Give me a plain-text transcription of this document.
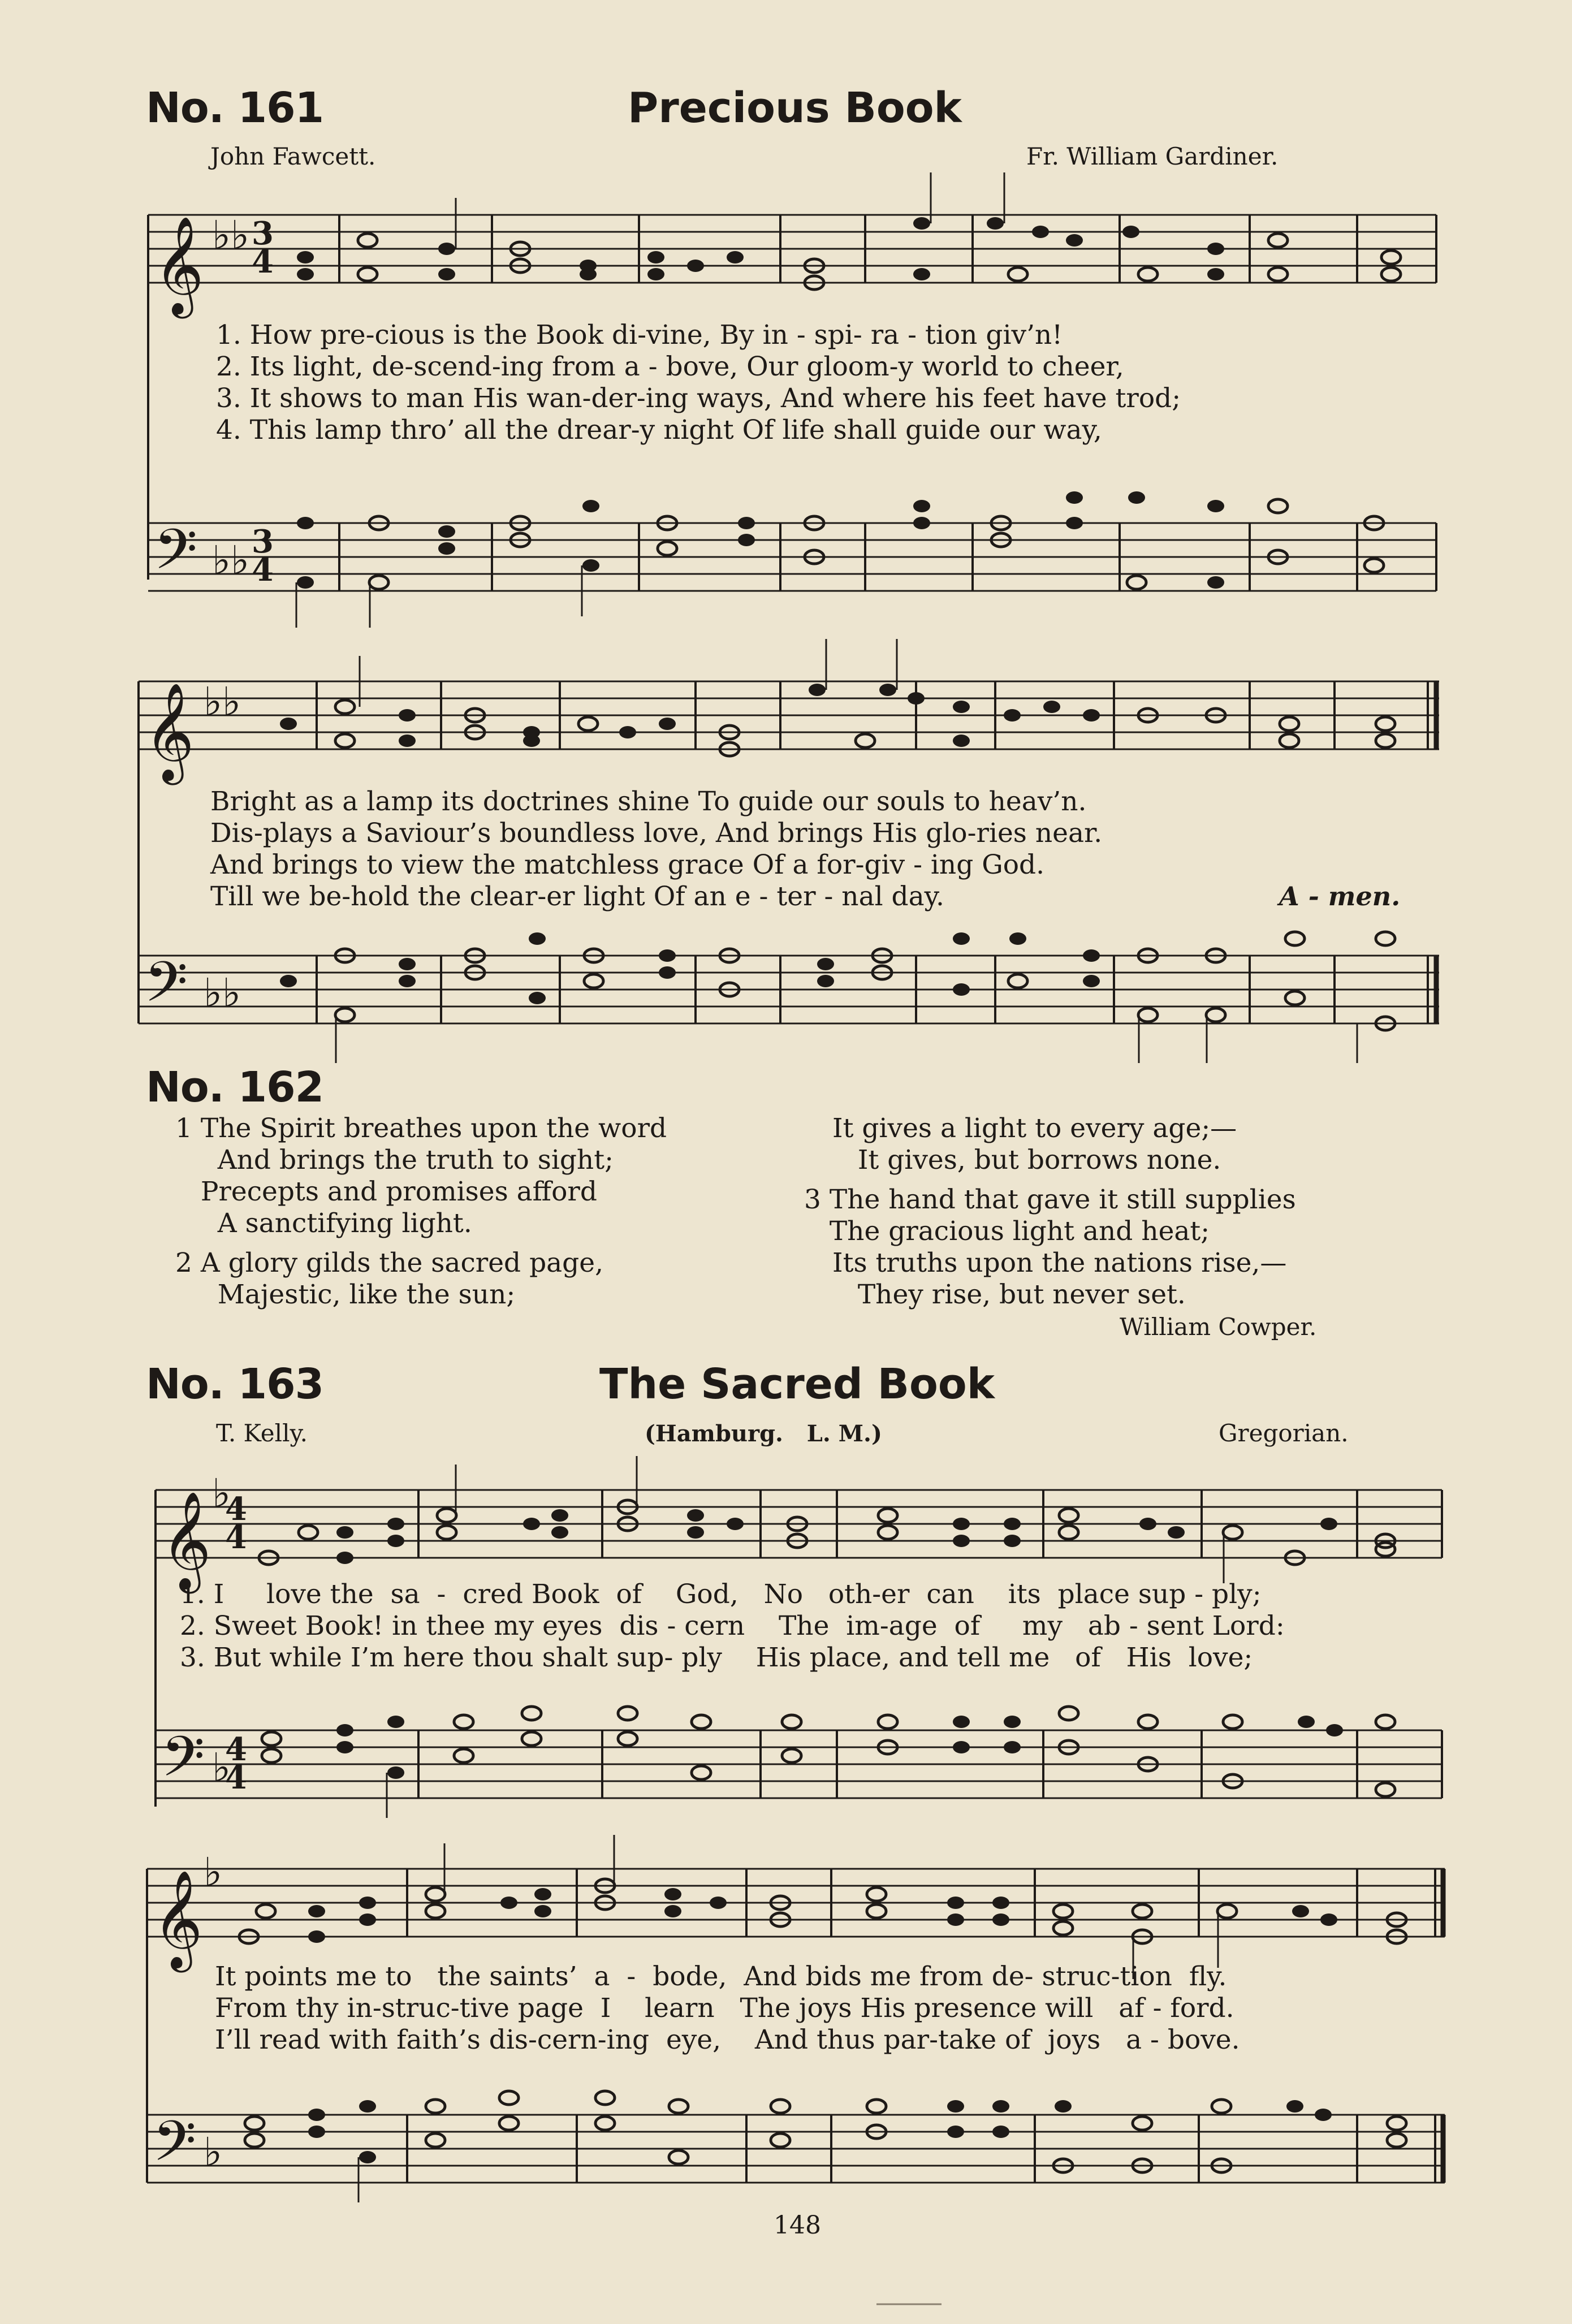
No. 161	Precious Book
John Fawcett.	Fr. William Gardiner.
𝄞 ♭♭ 3
4
1. How pre-cious is the Book di-vine, By in - spi- ra - tion giv’n!
2. Its light, de-scend-ing from a - bove, Our gloom-y world to cheer,
3. It shows to man His wan-der-ing ways, And where his feet have trod;
4. This lamp thro’ all the drear-y night Of life shall guide our way,
𝄢 ♭♭ 3
4
𝄞 ♭♭
Bright as a lamp its doctrines shine To guide our souls to heav’n.
Dis-plays a Saviour’s boundless love, And brings His glo-ries near.
And brings to view the matchless grace Of a for-giv - ing God.
Till we be-hold the clear-er light Of an e - ter - nal day.	A - men.
𝄢 ♭♭
No. 162
1 The Spirit breathes upon the word
And brings the truth to sight;
Precepts and promises afford
A sanctifying light.
2 A glory gilds the sacred page,
Majestic, like the sun;
It gives a light to every age;—
It gives, but borrows none.
3 The hand that gave it still supplies
The gracious light and heat;
Its truths upon the nations rise,—
They rise, but never set.
William Cowper.
No. 163	The Sacred Book
T. Kelly.	(Hamburg.   L. M.)	Gregorian.
𝄞 ♭
4
4
1. I     love the  sa  -  cred Book  of    God,   No   oth-er  can    its  place sup - ply;
2. Sweet Book! in thee my eyes  dis - cern    The  im-age  of     my   ab - sent Lord:
3. But while I’m here thou shalt sup- ply    His place, and tell me   of   His  love;
𝄢 ♭
4
4
𝄞 ♭
It points me to   the saints’  a  -  bode,  And bids me from de- struc-tion  fly.
From thy in-struc-tive page  I    learn   The joys His presence will   af - ford.
I’ll read with faith’s dis-cern-ing  eye,    And thus par-take of  joys   a - bove.
𝄢 ♭
148
